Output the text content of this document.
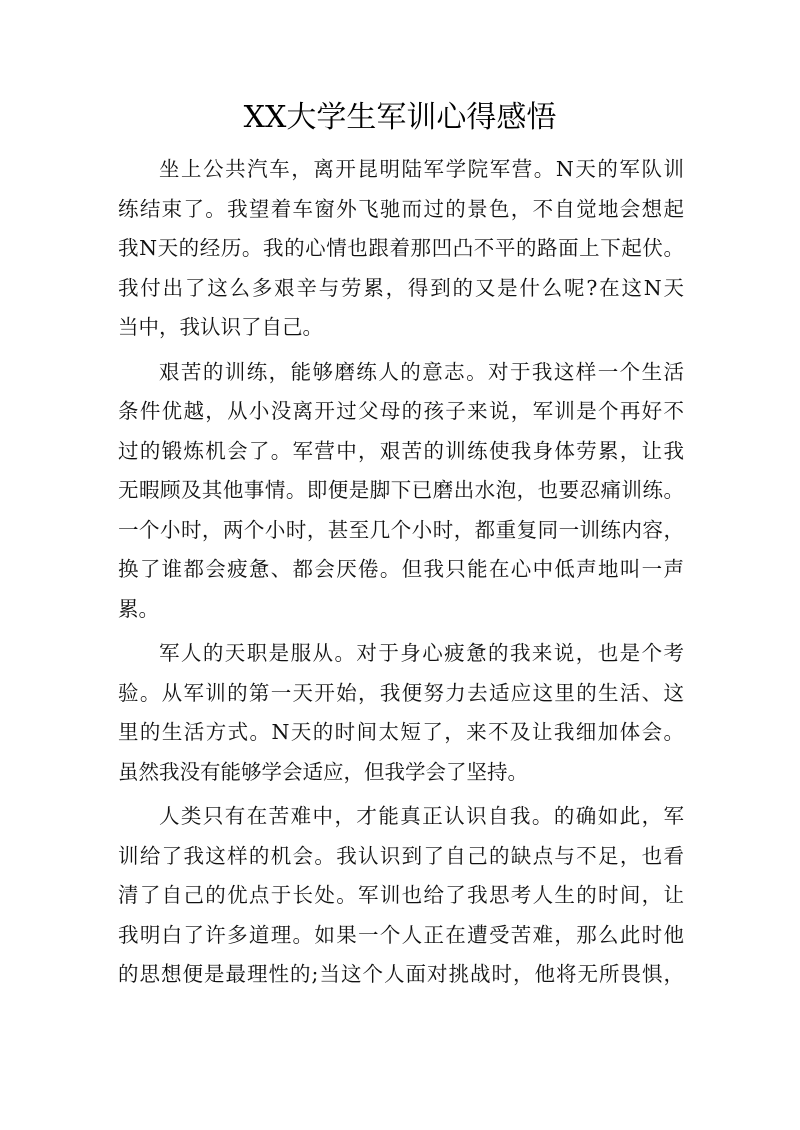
XX大学生军训心得感悟
坐上公共汽车，离开昆明陆军学院军营。N天的军队训
练结束了。我望着车窗外飞驰而过的景色，不自觉地会想起
我N天的经历。我的心情也跟着那凹凸不平的路面上下起伏。
我付出了这么多艰辛与劳累，得到的又是什么呢?在这N天
当中，我认识了自己。
艰苦的训练，能够磨练人的意志。对于我这样一个生活
条件优越，从小没离开过父母的孩子来说，军训是个再好不
过的锻炼机会了。军营中，艰苦的训练使我身体劳累，让我
无暇顾及其他事情。即便是脚下已磨出水泡，也要忍痛训练。
一个小时，两个小时，甚至几个小时，都重复同一训练内容，
换了谁都会疲惫、都会厌倦。但我只能在心中低声地叫一声
累。
军人的天职是服从。对于身心疲惫的我来说，也是个考
验。从军训的第一天开始，我便努力去适应这里的生活、这
里的生活方式。N天的时间太短了，来不及让我细加体会。
虽然我没有能够学会适应，但我学会了坚持。
人类只有在苦难中，才能真正认识自我。的确如此，军
训给了我这样的机会。我认识到了自己的缺点与不足，也看
清了自己的优点于长处。军训也给了我思考人生的时间，让
我明白了许多道理。如果一个人正在遭受苦难，那么此时他
的思想便是最理性的;当这个人面对挑战时，他将无所畏惧，
